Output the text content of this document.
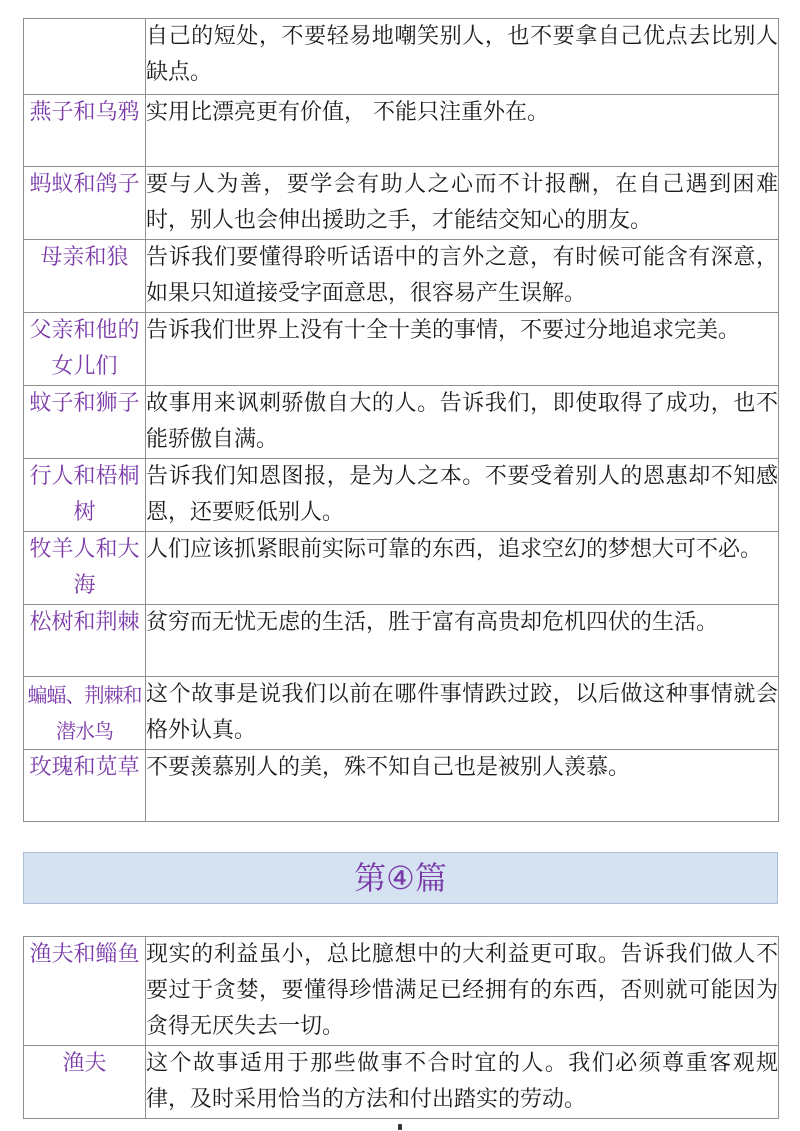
	自己的短处，不要轻易地嘲笑别人，也不要拿自己优点去比别人缺点。
燕子和乌鸦	实用比漂亮更有价值， 不能只注重外在。
蚂蚁和鸽子	要与人为善，要学会有助人之心而不计报酬，在自己遇到困难时，别人也会伸出援助之手，才能结交知心的朋友。
母亲和狼	告诉我们要懂得聆听话语中的言外之意，有时候可能含有深意，如果只知道接受字面意思，很容易产生误解。
父亲和他的女儿们	告诉我们世界上没有十全十美的事情，不要过分地追求完美。
蚊子和狮子	故事用来讽刺骄傲自大的人。告诉我们，即使取得了成功，也不能骄傲自满。
行人和梧桐树	告诉我们知恩图报，是为人之本。不要受着别人的恩惠却不知感恩，还要贬低别人。
牧羊人和大海	人们应该抓紧眼前实际可靠的东西，追求空幻的梦想大可不必。
松树和荆棘	贫穷而无忧无虑的生活，胜于富有高贵却危机四伏的生活。
蝙蝠、荆棘和潜水鸟	这个故事是说我们以前在哪件事情跌过跤，以后做这种事情就会格外认真。
玫瑰和苋草	不要羡慕别人的美，殊不知自己也是被别人羡慕。
第④篇
渔夫和鲻鱼	现实的利益虽小，总比臆想中的大利益更可取。告诉我们做人不要过于贪婪，要懂得珍惜满足已经拥有的东西，否则就可能因为贪得无厌失去一切。
渔夫	这个故事适用于那些做事不合时宜的人。我们必须尊重客观规律，及时采用恰当的方法和付出踏实的劳动。
